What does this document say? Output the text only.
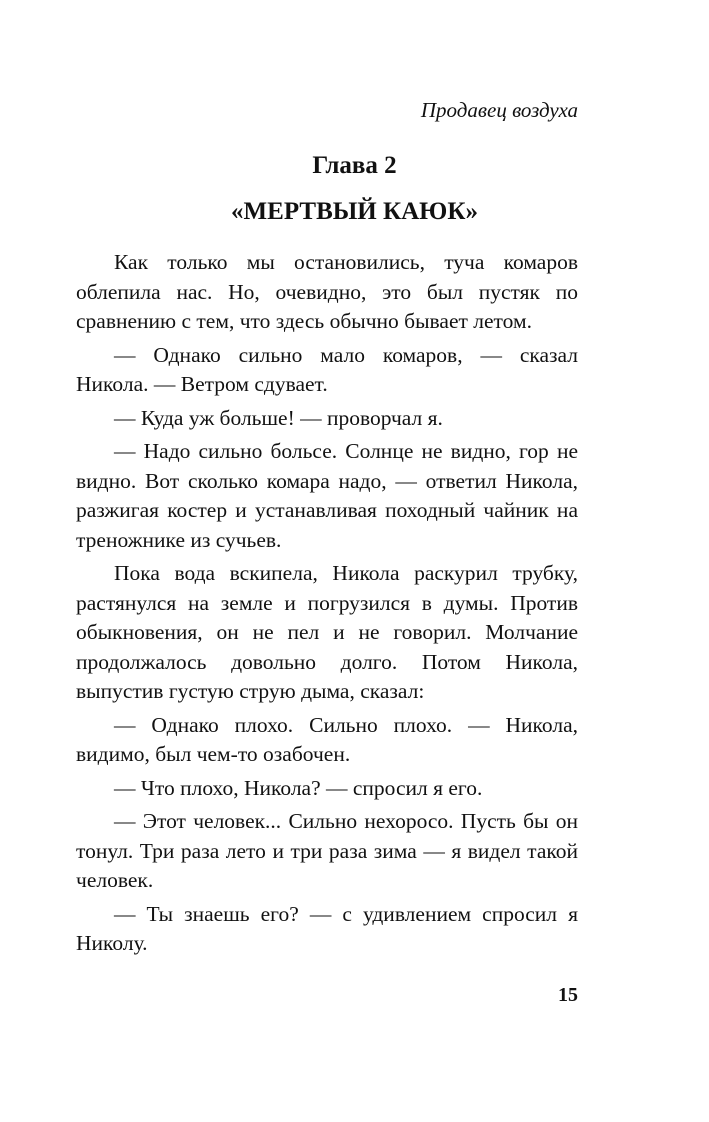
Продавец воздуха
Глава 2
«МЕРТВЫЙ КАЮК»

Как только мы остановились, туча комаров облепила нас. Но, очевидно, это был пустяк по сравнению с тем, что здесь обычно бывает летом.

— Однако сильно мало комаров, — сказал Никола. — Ветром сдувает.

— Куда уж больше! — проворчал я.

— Надо сильно больсе. Солнце не видно, гор не видно. Вот сколько комара надо, — ответил Никола, разжигая костер и устанавливая походный чайник на треножнике из сучьев.

Пока вода вскипела, Никола раскурил трубку, растянулся на земле и погрузился в думы. Против обыкновения, он не пел и не говорил. Молчание продолжалось довольно долго. Потом Никола, выпустив густую струю дыма, сказал:

— Однако плохо. Сильно плохо. — Никола, видимо, был чем-то озабочен.

— Что плохо, Никола? — спросил я его.

— Этот человек... Сильно нехоросо. Пусть бы он тонул. Три раза лето и три раза зима — я видел такой человек.

— Ты знаешь его? — с удивлением спросил я Николу.

15
